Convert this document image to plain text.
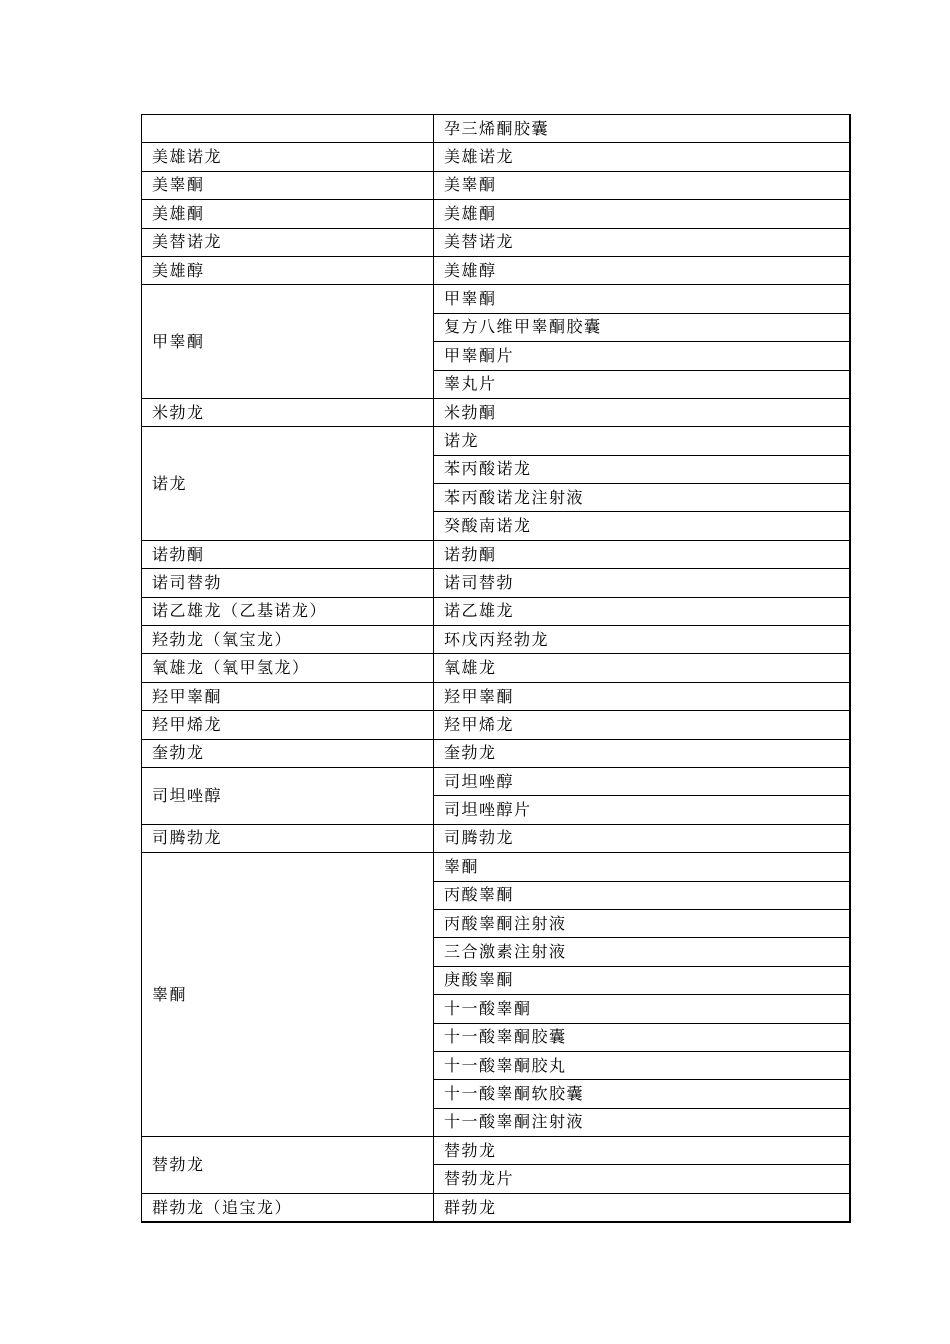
	孕三烯酮胶囊
美雄诺龙	美雄诺龙
美睾酮	美睾酮
美雄酮	美雄酮
美替诺龙	美替诺龙
美雄醇	美雄醇
甲睾酮	甲睾酮
	复方八维甲睾酮胶囊
	甲睾酮片
	睾丸片
米勃龙	米勃酮
诺龙	诺龙
	苯丙酸诺龙
	苯丙酸诺龙注射液
	癸酸南诺龙
诺勃酮	诺勃酮
诺司替勃	诺司替勃
诺乙雄龙（乙基诺龙）	诺乙雄龙
羟勃龙（氧宝龙）	环戊丙羟勃龙
氧雄龙（氧甲氢龙）	氧雄龙
羟甲睾酮	羟甲睾酮
羟甲烯龙	羟甲烯龙
奎勃龙	奎勃龙
司坦唑醇	司坦唑醇
	司坦唑醇片
司腾勃龙	司腾勃龙
睾酮	睾酮
	丙酸睾酮
	丙酸睾酮注射液
	三合激素注射液
	庚酸睾酮
	十一酸睾酮
	十一酸睾酮胶囊
	十一酸睾酮胶丸
	十一酸睾酮软胶囊
	十一酸睾酮注射液
替勃龙	替勃龙
	替勃龙片
群勃龙（追宝龙）	群勃龙
